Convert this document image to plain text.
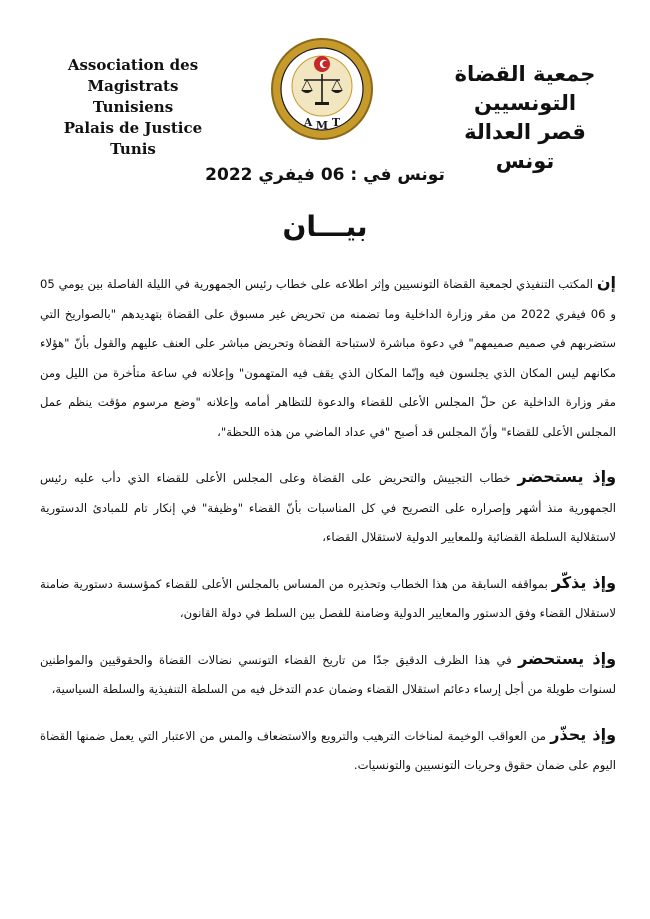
Association des Magistrats
Tunisiens
Palais de Justice
Tunis
جمعية القضاة التونسيين
قصر العدالة
تونس
A M T
تونس في : 06 فيفري 2022
بيـــان

إن المكتب التنفيذي لجمعية القضاة التونسيين وإثر اطلاعه على خطاب رئيس الجمهورية في الليلة الفاصلة بين يومي 05 و 06 فيفري 2022 من مقر وزارة الداخلية وما تضمنه من تحريض غير مسبوق على القضاة بتهديدهم "بالصواريخ التي ستضربهم في صميم صميمهم" في دعوة مباشرة لاستباحة القضاة وتحريض مباشر على العنف عليهم والقول بأنّ "هؤلاء مكانهم ليس المكان الذي يجلسون فيه وإنّما المكان الذي يقف فيه المتهمون" وإعلانه في ساعة متأخرة من الليل ومن مقر وزارة الداخلية عن حلّ المجلس الأعلى للقضاء والدعوة للتظاهر أمامه وإعلانه "وضع مرسوم مؤقت ينظم عمل المجلس الأعلى للقضاء" وأنّ المجلس قد أصبح "في عداد الماضي من هذه اللحظة"،

وإذ يستحضر خطاب التجييش والتحريض على القضاة وعلى المجلس الأعلى للقضاء الذي دأب عليه رئيس الجمهورية منذ أشهر وإصراره على التصريح في كل المناسبات بأنّ القضاء "وظيفة" في إنكار تام للمبادئ الدستورية لاستقلالية السلطة القضائية وللمعايير الدولية لاستقلال القضاء،

وإذ يذكّر بمواقفه السابقة من هذا الخطاب وتحذيره من المساس بالمجلس الأعلى للقضاء كمؤسسة دستورية ضامنة لاستقلال القضاء وفق الدستور والمعايير الدولية وضامنة للفصل بين السلط في دولة القانون،

وإذ يستحضر في هذا الظرف الدقيق جدّا من تاريخ القضاء التونسي نضالات القضاة والحقوقيين والمواطنين لسنوات طويلة من أجل إرساء دعائم استقلال القضاء وضمان عدم التدخل فيه من السلطة التنفيذية والسلطة السياسية،

وإذ يحذّر من العواقب الوخيمة لمناخات الترهيب والترويع والاستضعاف والمس من الاعتبار التي يعمل ضمنها القضاة اليوم على ضمان حقوق وحريات التونسيين والتونسيات.
